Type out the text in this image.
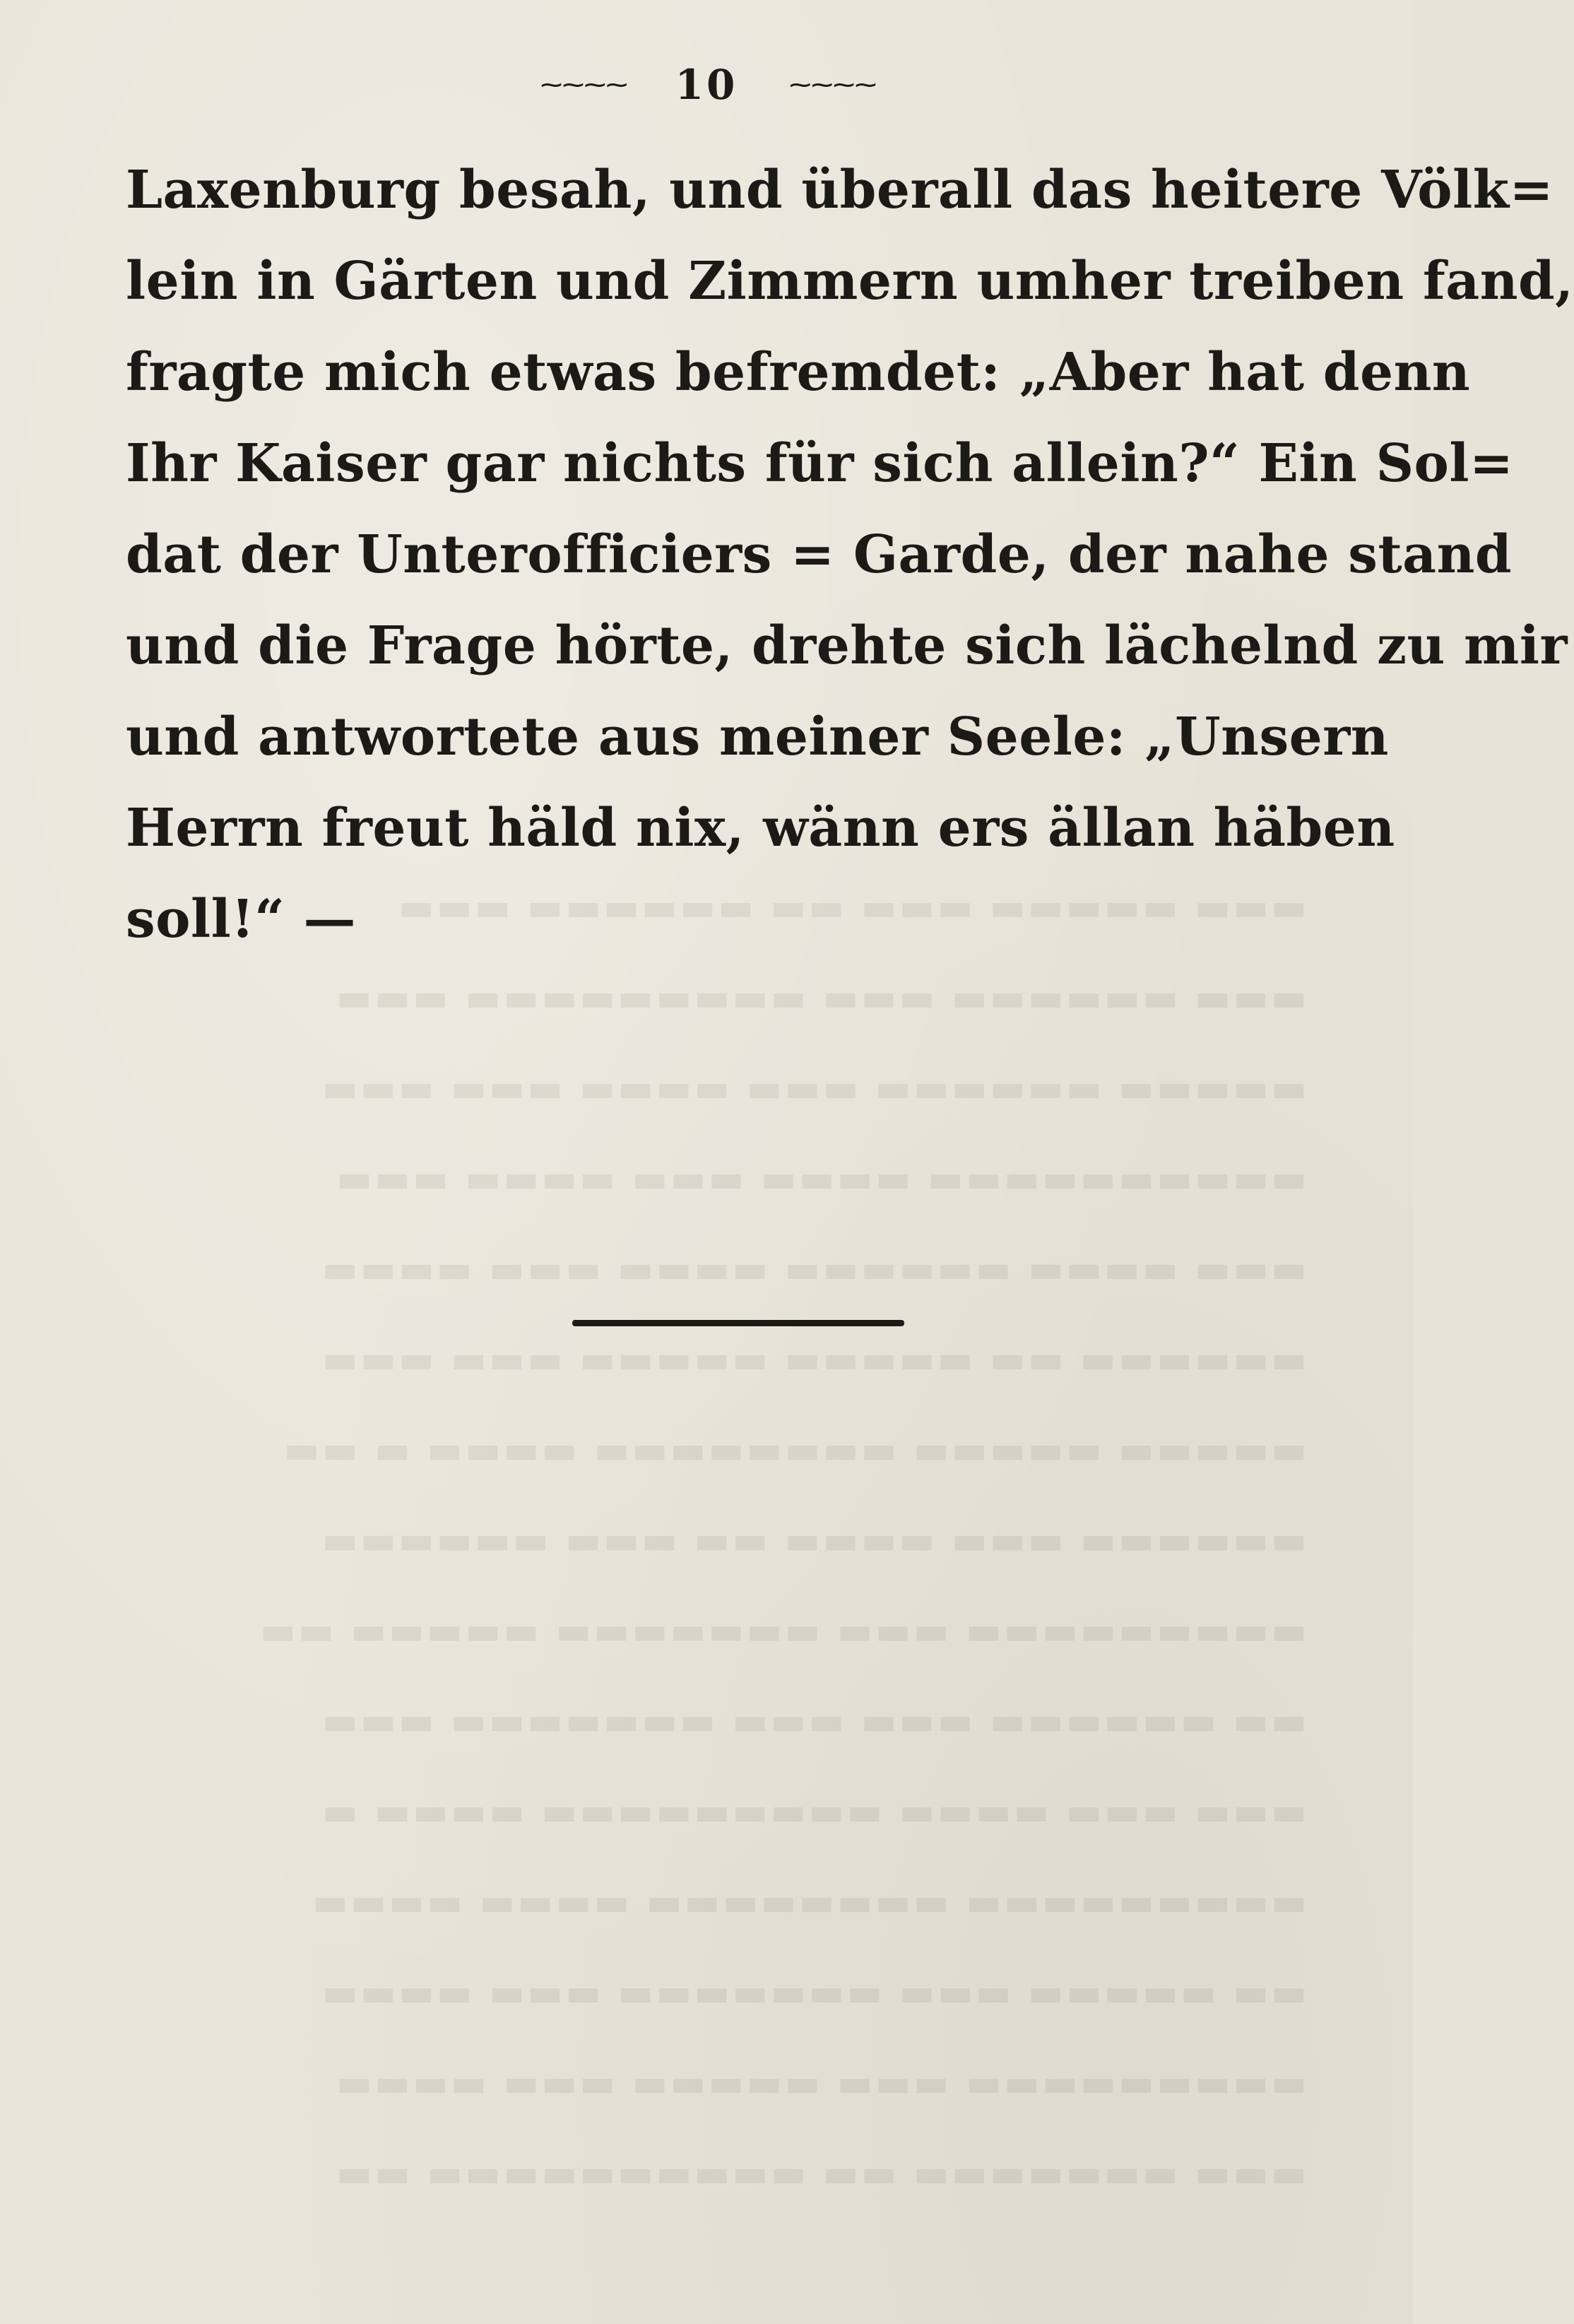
▬▬▬ ▬▬▬▬▬ ▬▬▬ ▬▬ ▬▬▬▬▬▬ ▬▬▬
▬▬▬ ▬▬▬▬▬▬ ▬▬▬ ▬▬▬▬▬▬▬▬▬ ▬▬▬
▬▬▬▬▬ ▬▬▬▬▬▬ ▬▬▬ ▬▬▬▬ ▬▬▬ ▬▬▬
▬▬▬▬▬▬▬▬▬▬ ▬▬▬▬ ▬▬▬ ▬▬▬▬ ▬▬▬
▬▬▬ ▬▬▬▬ ▬▬▬▬▬▬ ▬▬▬▬ ▬▬▬ ▬▬▬▬
▬▬▬▬▬▬ ▬▬ ▬▬▬▬▬ ▬▬▬▬▬ ▬▬▬ ▬▬▬
▬▬▬▬▬ ▬▬▬▬▬ ▬▬▬▬▬▬▬▬ ▬▬▬▬ ▬ ▬▬
▬▬▬▬▬▬ ▬▬▬ ▬▬▬▬ ▬▬ ▬▬▬ ▬▬▬▬▬▬
▬▬▬▬▬▬▬▬▬ ▬▬▬ ▬▬▬▬▬▬▬ ▬▬▬▬▬ ▬▬
▬▬ ▬▬▬▬▬▬ ▬▬▬ ▬▬▬ ▬▬▬▬▬▬▬ ▬▬▬
▬▬▬ ▬▬▬ ▬▬▬▬ ▬▬▬▬▬▬▬▬▬ ▬▬▬▬ ▬
▬▬▬▬▬▬▬▬▬ ▬▬▬▬▬▬▬▬ ▬▬▬▬ ▬▬▬▬
▬▬ ▬▬▬▬▬ ▬▬▬ ▬▬▬▬▬▬▬ ▬▬▬ ▬▬▬▬
▬▬▬▬▬▬▬▬▬ ▬▬▬ ▬▬▬▬▬ ▬▬▬ ▬▬▬▬
▬▬▬ ▬▬▬▬▬▬▬ ▬▬ ▬▬▬▬▬▬▬▬▬▬ ▬▬
~~~~ 10 ~~~~
Laxenburg besah, und überall das heitere Völk=
lein in Gärten und Zimmern umher treiben fand,
fragte mich etwas befremdet: „Aber hat denn
Ihr Kaiser gar nichts für sich allein?“ Ein Sol=
dat der Unterofficiers = Garde, der nahe stand
und die Frage hörte, drehte sich lächelnd zu mir
und antwortete aus meiner Seele: „Unsern
Herrn freut häld nix, wänn ers ällan häben
soll!“ —
